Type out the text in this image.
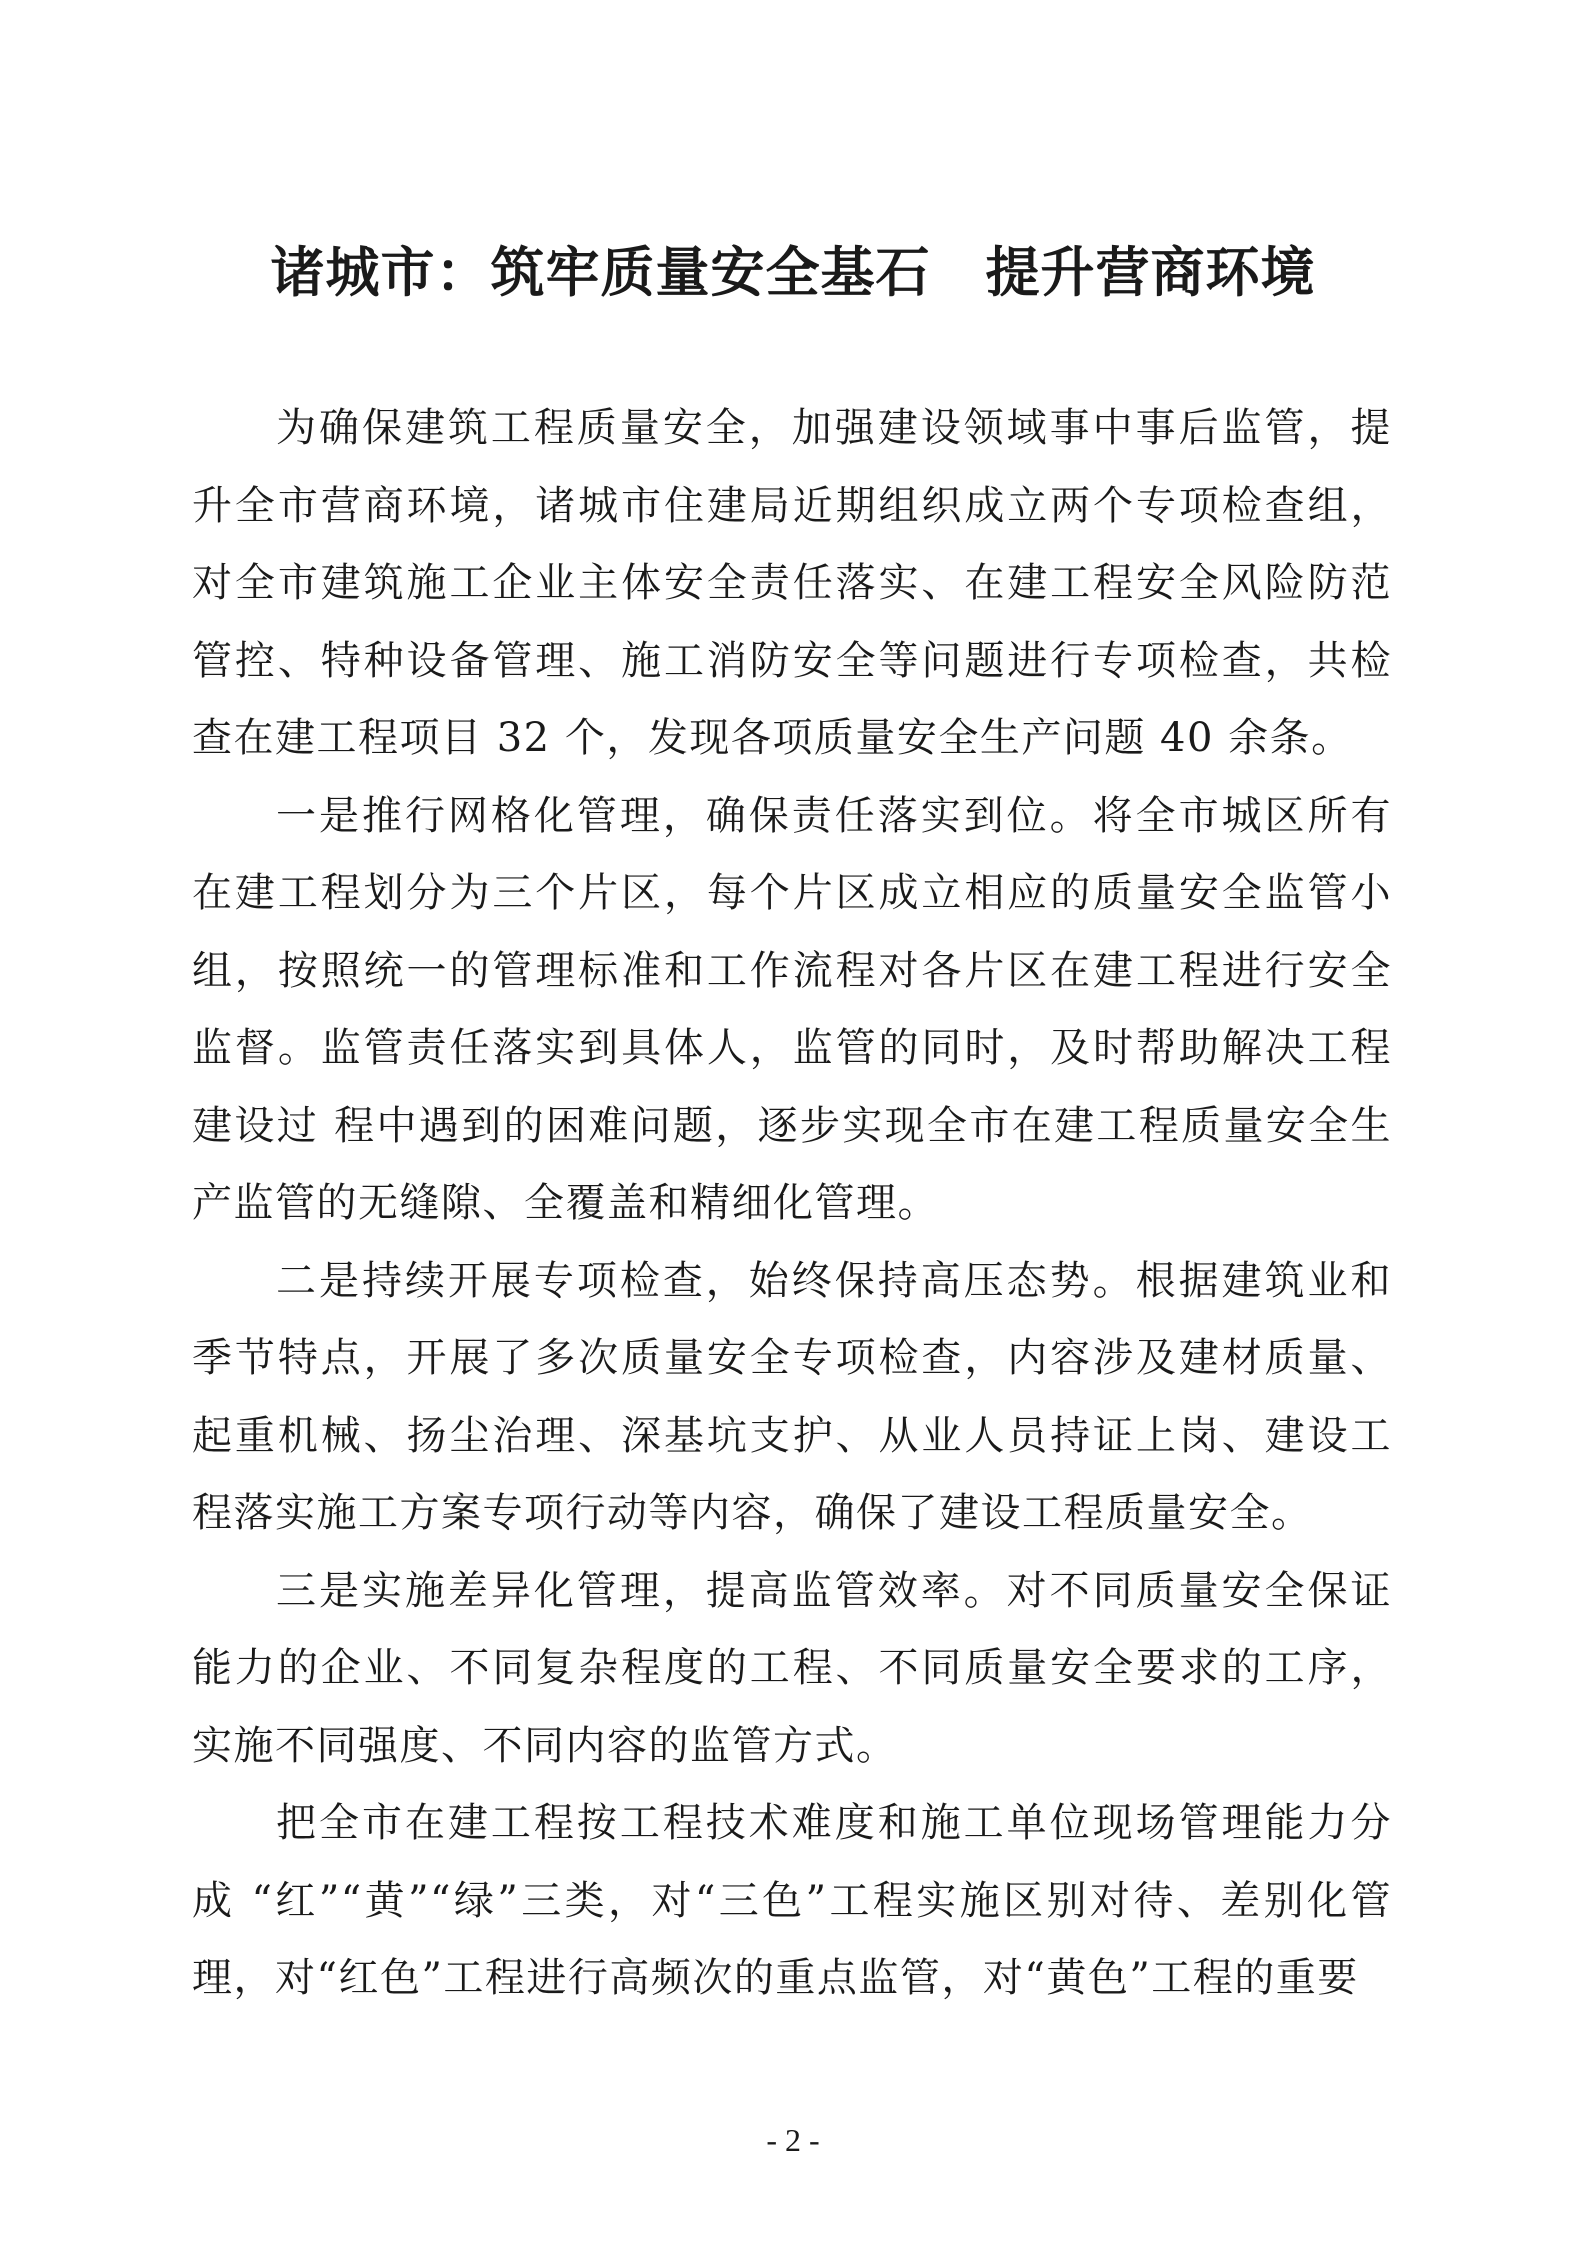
诸城市：筑牢质量安全基石　提升营商环境

为确保建筑工程质量安全，加强建设领域事中事后监管，提升全市营商环境，诸城市住建局近期组织成立两个专项检查组，对全市建筑施工企业主体安全责任落实、在建工程安全风险防范管控、特种设备管理、施工消防安全等问题进行专项检查，共检查在建工程项目 32 个，发现各项质量安全生产问题 40 余条。

一是推行网格化管理，确保责任落实到位。将全市城区所有在建工程划分为三个片区，每个片区成立相应的质量安全监管小组，按照统一的管理标准和工作流程对各片区在建工程进行安全监督。监管责任落实到具体人，监管的同时，及时帮助解决工程建设过 程中遇到的困难问题，逐步实现全市在建工程质量安全生产监管的无缝隙、全覆盖和精细化管理。

二是持续开展专项检查，始终保持高压态势。根据建筑业和季节特点，开展了多次质量安全专项检查，内容涉及建材质量、起重机械、扬尘治理、深基坑支护、从业人员持证上岗、建设工程落实施工方案专项行动等内容，确保了建设工程质量安全。

三是实施差异化管理，提高监管效率。对不同质量安全保证能力的企业、不同复杂程度的工程、不同质量安全要求的工序，实施不同强度、不同内容的监管方式。

把全市在建工程按工程技术难度和施工单位现场管理能力分成 “红”“黄”“绿”三类，对“三色”工程实施区别对待、差别化管理，对“红色”工程进行高频次的重点监管，对“黄色”工程的重要

- 2 -
